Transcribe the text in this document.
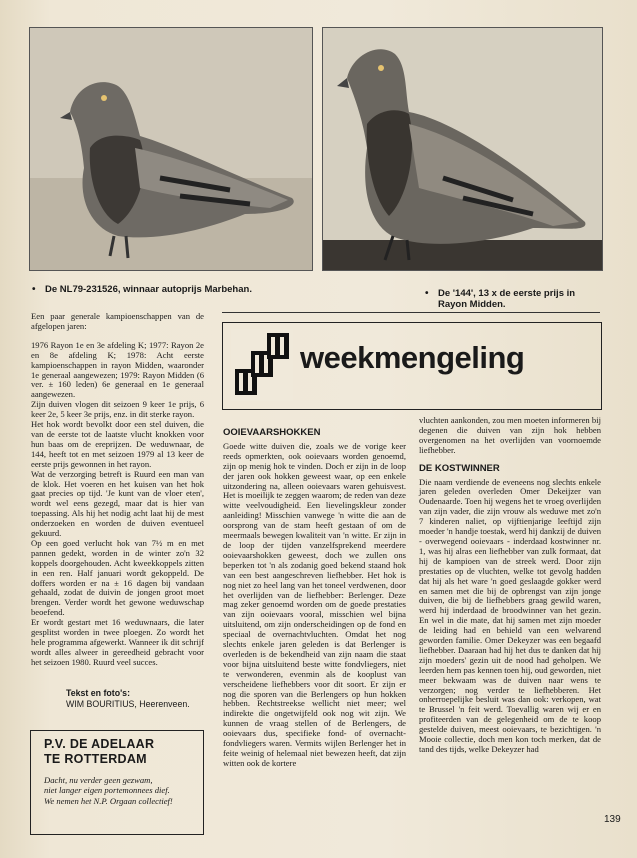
• De NL79-231526, winnaar autoprijs Marbehan.	• De '144', 13 x de eerste prijs in Rayon Midden.

Een paar generale kampioenschappen van de afgelopen jaren:

1976 Rayon 1e en 3e afdeling K; 1977: Rayon 2e en 8e afdeling K; 1978: Acht eerste kampioenschappen in rayon Midden, waaronder 1e generaal aangewezen; 1979: Rayon Midden (6 ver. ± 160 leden) 6e generaal en 1e generaal aangewezen.

Zijn duiven vlogen dit seizoen 9 keer 1e prijs, 6 keer 2e, 5 keer 3e prijs, enz. in dit sterke rayon.

Het hok wordt bevolkt door een stel duiven, die van de eerste tot de laatste vlucht knokken voor hun baas om de ereprijzen. De weduwnaar, de 144, heeft tot en met seizoen 1979 al 13 keer de eerste prijs gewonnen in het rayon.

Wat de verzorging betreft is Ruurd een man van de klok. Het voeren en het kuisen van het hok gaat precies op tijd. 'Je kunt van de vloer eten', wordt wel eens gezegd, maar dat is hier van toepassing. Als hij het nodig acht laat hij de mest onderzoeken en worden de duiven eventueel gekuurd.

Op een goed verlucht hok van 7½ m en met pannen gedekt, worden in de winter zo'n 32 koppels doorgehouden. Acht kweekkoppels zitten in een ren. Half januari wordt gekoppeld. De doffers worden er na ± 16 dagen bij vandaan gehaald, zodat de duivin de jongen groot moet brengen. Verder wordt het gewone weduwschap beoefend.

Er wordt gestart met 16 weduwnaars, die later gesplitst worden in twee ploegen. Zo wordt het hele programma afgewerkt. Wanneer ik dit schrijf wordt alles alweer in gereedheid gebracht voor het seizoen 1980. Ruurd veel succes.

Tekst en foto's:
WIM BOURITIUS, Heerenveen.
P.V. DE ADELAAR
TE ROTTERDAM
Dacht, nu verder geen gezwam,
niet langer eigen portemonnees dief.
We nemen het N.P. Orgaan collectief!
weekmengeling
OOIEVAARSHOKKEN

Goede witte duiven die, zoals we de vorige keer reeds opmerkten, ook ooievaars worden genoemd, zijn op menig hok te vinden. Doch er zijn in de loop der jaren ook hokken geweest waar, op een enkele uitzondering na, alleen ooievaars waren gehuisvest. Het is moeilijk te zeggen waarom; de reden van deze witte veelvoudigheid. Een lievelingskleur zonder aanleiding! Misschien vanwege 'n witte die aan de oorsprong van de stam heeft gestaan of om de meermaals bewegen kwaliteit van 'n witte. Er zijn in de loop der tijden vanzelfsprekend meerdere ooievaarshokken geweest, doch we zullen ons beperken tot 'n als zodanig goed bekend staand hok van een best aangeschreven liefhebber. Het hok is nog niet zo heel lang van het toneel verdwenen, door het overlijden van de liefhebber: Berlenger. Deze mag zeker genoemd worden om de goede prestaties van zijn ooievaars vooral, misschien wel bijna uitsluitend, om zijn onderscheidingen op de fond en speciaal de overnachtvluchten. Omdat het nog slechts enkele jaren geleden is dat Berlenger is overleden is de bekendheid van zijn naam die staat voor bijna uitsluitend beste witte fondvliegers, niet te verwonderen, evenmin als de kooplust van verscheidene liefhebbers voor dit soort. Er zijn er nog die sporen van die Berlengers op hun hokken hebben. Rechtstreekse wellicht niet meer; wel indirekte die ongetwijfeld ook nog wit zijn. We kunnen de vraag stellen of de Berlengers, de ooievaars dus, specifieke fond- of overnacht-fondvliegers waren. Vermits wijlen Berlenger het in feite weinig of helemaal niet bewezen heeft, dat zijn witten ook de kortere

vluchten aankonden, zou men moeten informeren bij degenen die duiven van zijn hok hebben overgenomen na het overlijden van voornoemde liefhebber.

DE KOSTWINNER

Die naam verdiende de eveneens nog slechts enkele jaren geleden overleden Omer Dekeijzer van Oudenaarde. Toen hij wegens het te vroeg overlijden van zijn vader, die zijn vrouw als weduwe met zo'n 7 kinderen naliet, op vijftienjarige leeftijd zijn moeder 'n handje toestak, werd hij dankzij de duiven - overwegend ooievaars - inderdaad kostwinner nr. 1, was hij alras een liefhebber van zulk formaat, dat hij de kampioen van de streek werd. Door zijn prestaties op de vluchten, welke tot gevolg hadden dat hij als het ware 'n goed geslaagde gokker werd en samen met die bij de opbrengst van zijn jonge duiven, die bij de liefhebbers graag gewild waren, werd hij inderdaad de broodwinner van het gezin. En wel in die mate, dat hij samen met zijn moeder de leiding had en behield van een welvarend geworden familie. Omer Dekeyzer was een begaafd liefhebber. Daaraan had hij het dus te danken dat hij zijn moeders' gezin uit de nood had geholpen. We leerden hem pas kennen toen hij, oud geworden, niet meer bekwaam was de duiven naar wens te verzorgen; nog verder te liefhebberen. Het onherroepelijke besluit was dan ook: verkopen, wat te Brussel 'n feit werd. Toevallig waren wij er en profiteerden van de gelegenheid om de te koop gestelde duiven, meest ooievaars, te bezichtigen. 'n Mooie collectie, doch men kon toch merken, dat de tand des tijds, welke Dekeyzer had

139
